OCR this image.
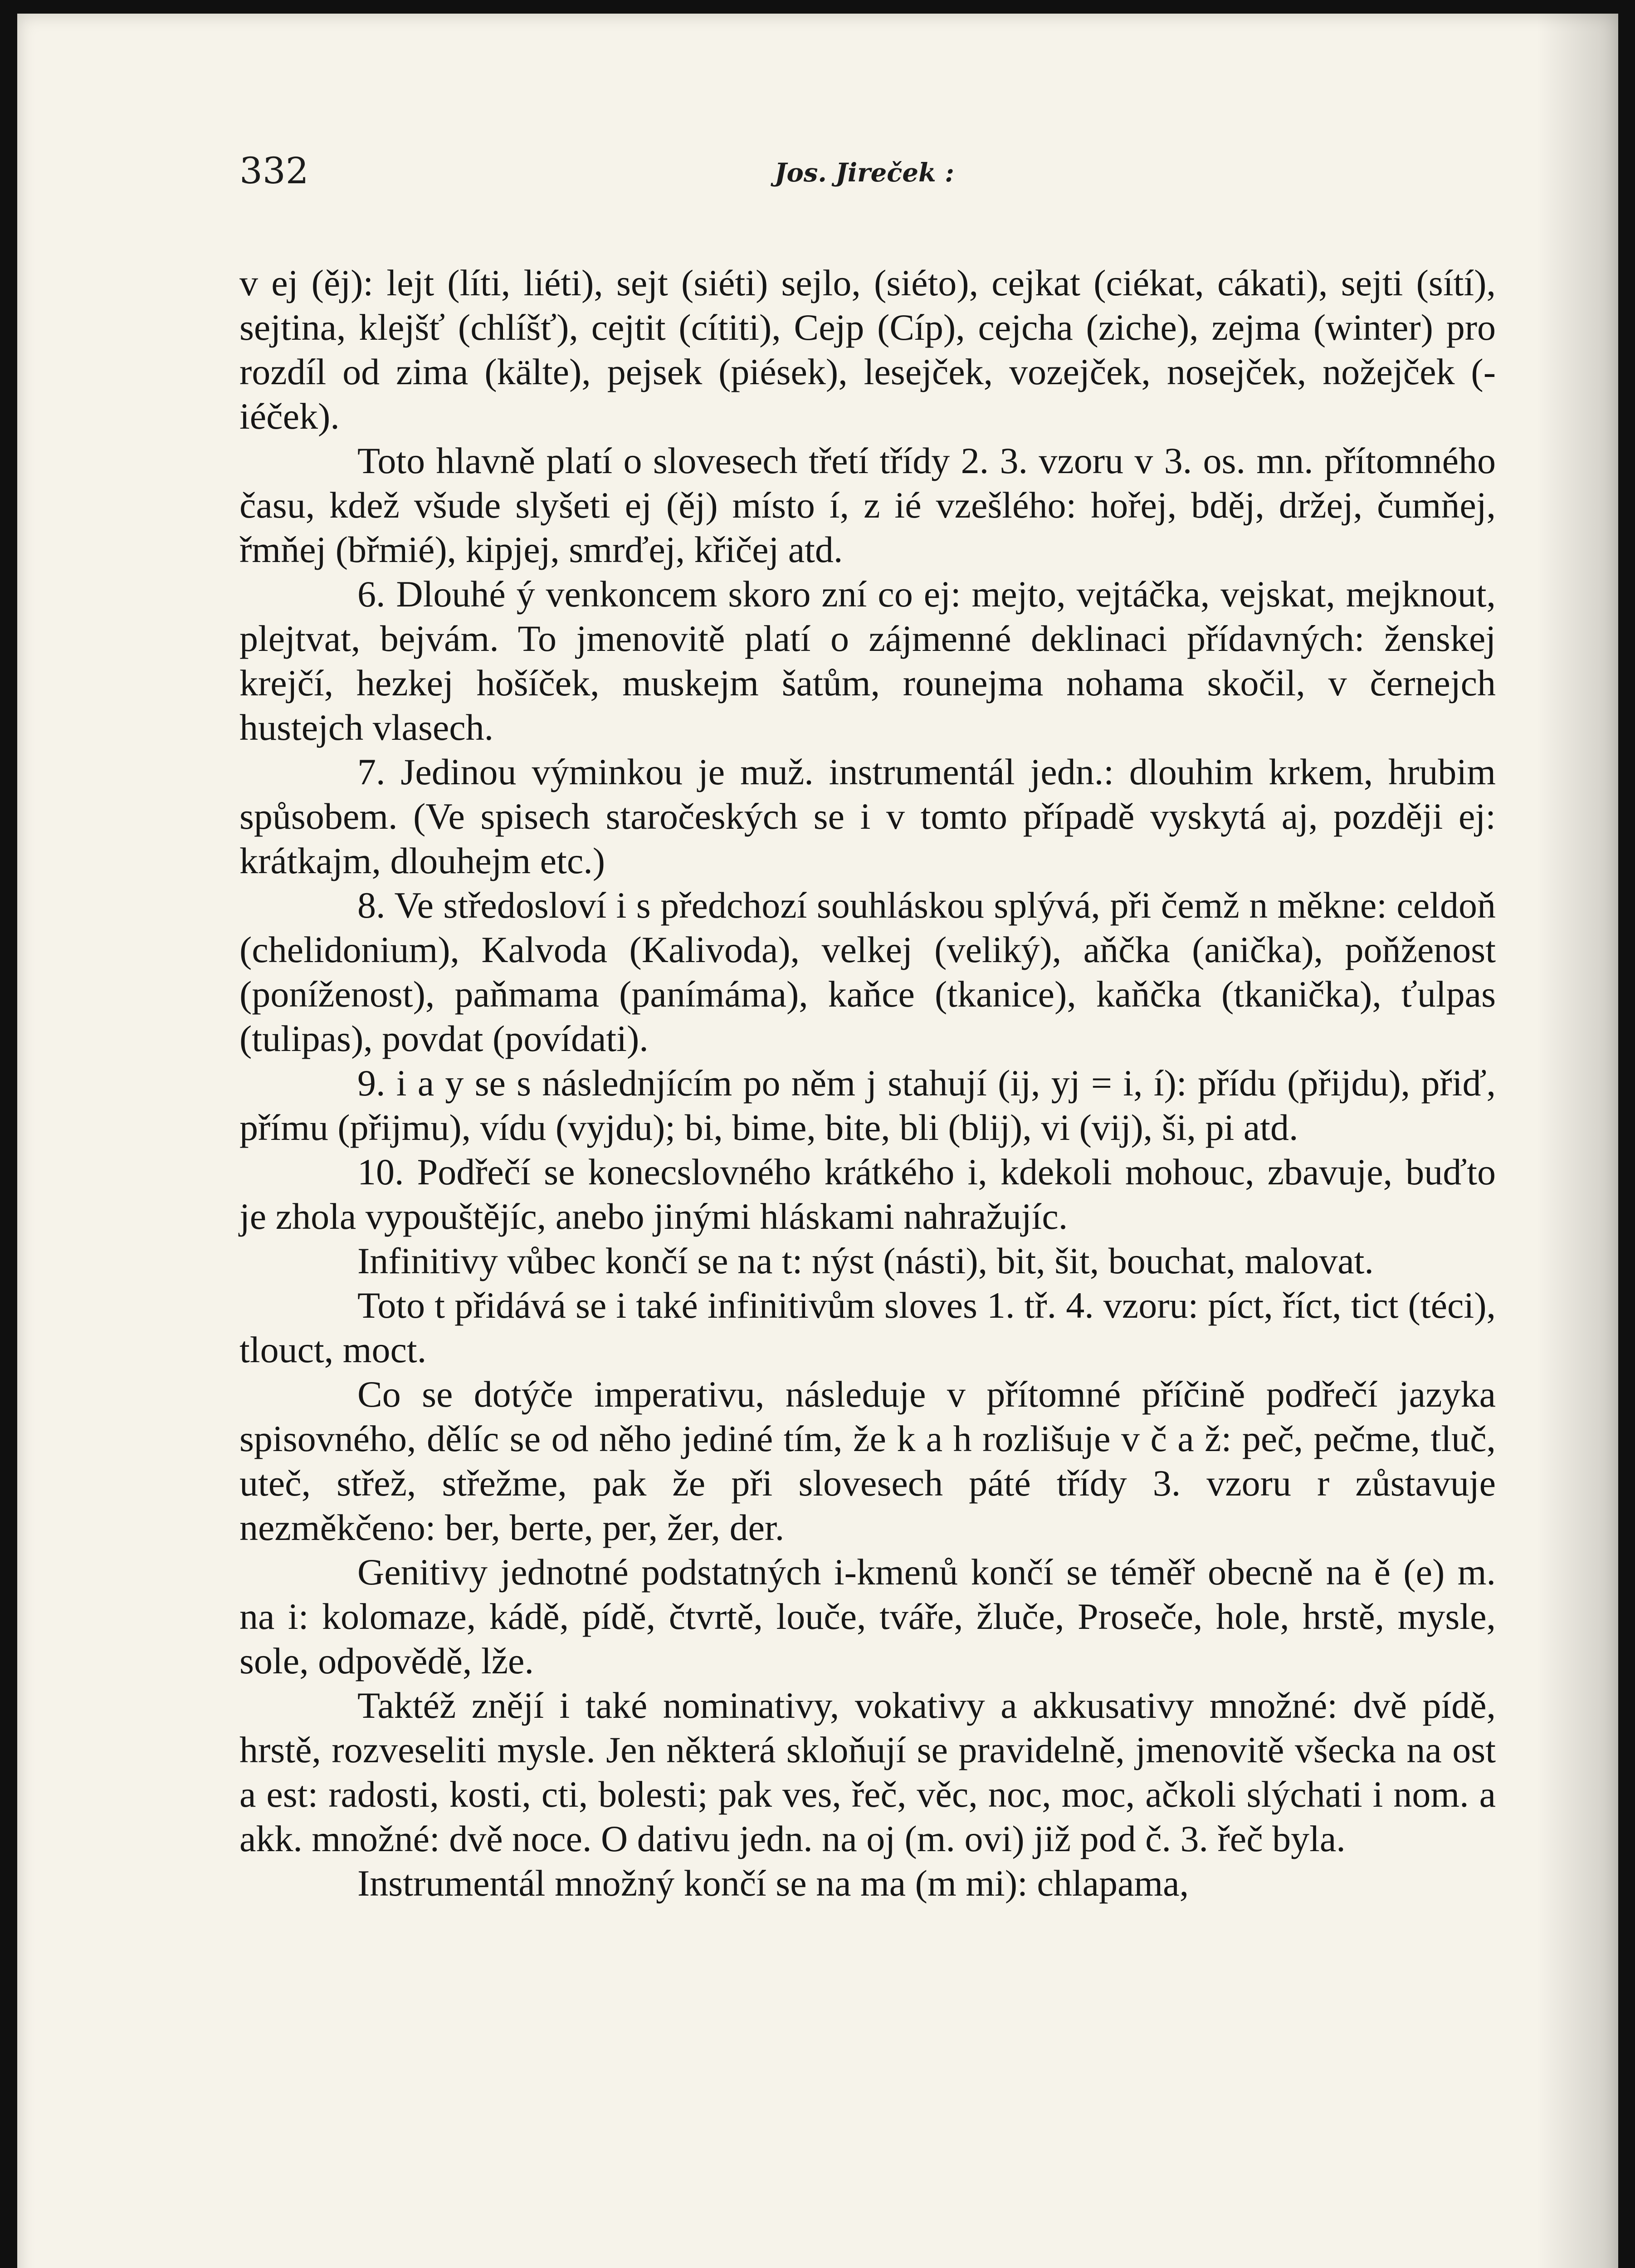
332	Jos. Jireček :

v ej (ěj): lejt (líti, liéti), sejt (siéti) sejlo, (siéto), cejkat (ciékat, cákati), sejti (sítí), sejtina, klejšť (chlíšť), cejtit (cítiti), Cejp (Cíp), cejcha (ziche), zejma (winter) pro rozdíl od zima (kälte), pejsek (piések), lesejček, vozejček, nosejček, nožejček (-iéček).

Toto hlavně platí o slovesech třetí třídy 2. 3. vzoru v 3. os. mn. přítomného času, kdež všude slyšeti ej (ěj) místo í, z ié vzešlého: hořej, bděj, držej, čumňej, řmňej (břmié), kipjej, smrďej, křičej atd.

6. Dlouhé ý venkoncem skoro zní co ej: mejto, vejtáčka, vejskat, mejknout, plejtvat, bejvám. To jmenovitě platí o zájmenné deklinaci přídavných: ženskej krejčí, hezkej hošíček, muskejm šatům, rounejma nohama skočil, v černejch hustejch vlasech.

7. Jedinou výminkou je muž. instrumentál jedn.: dlouhim krkem, hrubim spůsobem. (Ve spisech staročeských se i v tomto případě vyskytá aj, později ej: krátkajm, dlouhejm etc.)

8. Ve středosloví i s předchozí souhláskou splývá, při čemž n měkne: celdoň (chelidonium), Kalvoda (Kalivoda), velkej (veliký), aňčka (anička), poňženost (poníženost), paňmama (panímáma), kaňce (tkanice), kaňčka (tkanička), ťulpas (tulipas), povdat (povídati).

9. i a y se s následnjícím po něm j stahují (ij, yj = i, í): přídu (přijdu), přiď, přímu (přijmu), vídu (vyjdu); bi, bime, bite, bli (blij), vi (vij), ši, pi atd.

10. Podřečí se konecslovného krátkého i, kdekoli mohouc, zbavuje, buďto je zhola vypouštějíc, anebo jinými hláskami nahražujíc.

Infinitivy vůbec končí se na t: nýst (násti), bit, šit, bouchat, malovat.

Toto t přidává se i také infinitivům sloves 1. tř. 4. vzoru: píct, říct, tict (téci), tlouct, moct.

Co se dotýče imperativu, následuje v přítomné příčině podřečí jazyka spisovného, dělíc se od něho jediné tím, že k a h rozlišuje v č a ž: peč, pečme, tluč, uteč, střež, střežme, pak že při slovesech páté třídy 3. vzoru r zůstavuje nezměkčeno: ber, berte, per, žer, der.

Genitivy jednotné podstatných i-kmenů končí se téměř obecně na ě (e) m. na i: kolomaze, kádě, pídě, čtvrtě, louče, tváře, žluče, Proseče, hole, hrstě, mysle, sole, odpovědě, lže.

Taktéž znějí i také nominativy, vokativy a akkusativy množné: dvě pídě, hrstě, rozveseliti mysle. Jen některá skloňují se pravidelně, jmenovitě všecka na ost a est: radosti, kosti, cti, bolesti; pak ves, řeč, věc, noc, moc, ačkoli slýchati i nom. a akk. množné: dvě noce. O dativu jedn. na oj (m. ovi) již pod č. 3. řeč byla.

Instrumentál množný končí se na ma (m mi): chlapama,
